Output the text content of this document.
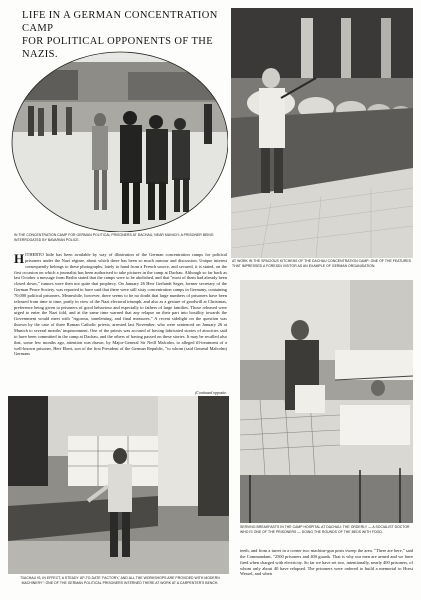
LIFE IN A GERMAN CONCENTRATION CAMP
FOR POLITICAL OPPONENTS OF THE NAZIS.
IN THE CONCENTRATION CAMP FOR GERMAN POLITICAL PRISONERS AT DACHAU, NEAR MUNICH: A PRISONER BEING INTERROGATED BY BAVARIAN POLICE.
AT WORK IN THE SPACIOUS KITCHENS OF THE DACHAU CONCENTRATION CAMP: ONE OF THE FEATURES THAT IMPRESSED A FOREIGN VISITOR AS AN EXAMPLE OF GERMAN ORGANISATION.
HITHERTO little has been available by way of illustration of the German concentration camps for political prisoners under the Nazi régime, about which there has been so much rumour and discussion. Unique interest consequently belongs to these photographs, lately to hand from a French source, and secured, it is stated, on the first occasion on which a journalist has been authorised to take pictures in the camp at Dachau. Although so far back as last October a message from Berlin stated that the camps were to be abolished, and that "most of them had already been closed down," rumors were then not quite that prophecy. On January 26 Herr Gerhardt Seger, former secretary of the German Peace Society, was reported to have said that there were still sixty concentration camps in Germany, containing 70,000 political prisoners. Meanwhile, however, there seems to be no doubt that large numbers of prisoners have been released from time to time, partly in view of the Nazi electoral triumph, and also as a gesture of goodwill at Christmas, preference being given to prisoners of good behaviour and especially to fathers of large families. Those released were urged to enter the Nazi fold, and at the same time warned that any relapse on their part into hostility towards the Government would meet with "rigorous, unrelenting, and final measures." A recent sidelight on the question was thrown by the case of three Roman Catholic priests, arrested last November, who were sentenced on January 26 at Munich to several months' imprisonment. One of the priests was accused of having fabricated stories of atrocities said to have been committed in the camp at Dachau, and the others of having passed on these stories. It may be recalled also that, some few months ago, attention was drawn, by Major-General Sir Neill Malcolm, to alleged ill-treatment of a well-known prisoner, Herr Ebert, son of the first President of the German Republic, "to whom (said General Malcolm) Germans
(Continued opposite.
SERVING BREAKFASTS IN THE CAMP HOSPITAL AT DACHAU: THE ORDERLY — A SOCIALIST DOCTOR WHO IS ONE OF THE PRISONERS — DOING THE ROUNDS OF THE BEDS WITH FOOD.
"DACHAU IS, IN EFFECT, A STEADY UP-TO-DATE 'FACTORY,' AND ALL THE WORKSHOPS ARE PROVIDED WITH MODERN MACHINERY": ONE OF THE GERMAN POLITICAL PRISONERS INTERNED THERE AT WORK AT A CARPENTER'S BENCH.
teeth, and from a turret in a corner two machine-gun posts sweep the area. "There are here," said the Commandant, "2500 prisoners and 400 guards. That is why our men are armed and we have fired when charged with electricity. So far we have set two, intentionally, nearly 400 prisoners, of whom only about 40 have relapsed. The prisoners were ordered to build a memorial to Horst Wessel, and when
